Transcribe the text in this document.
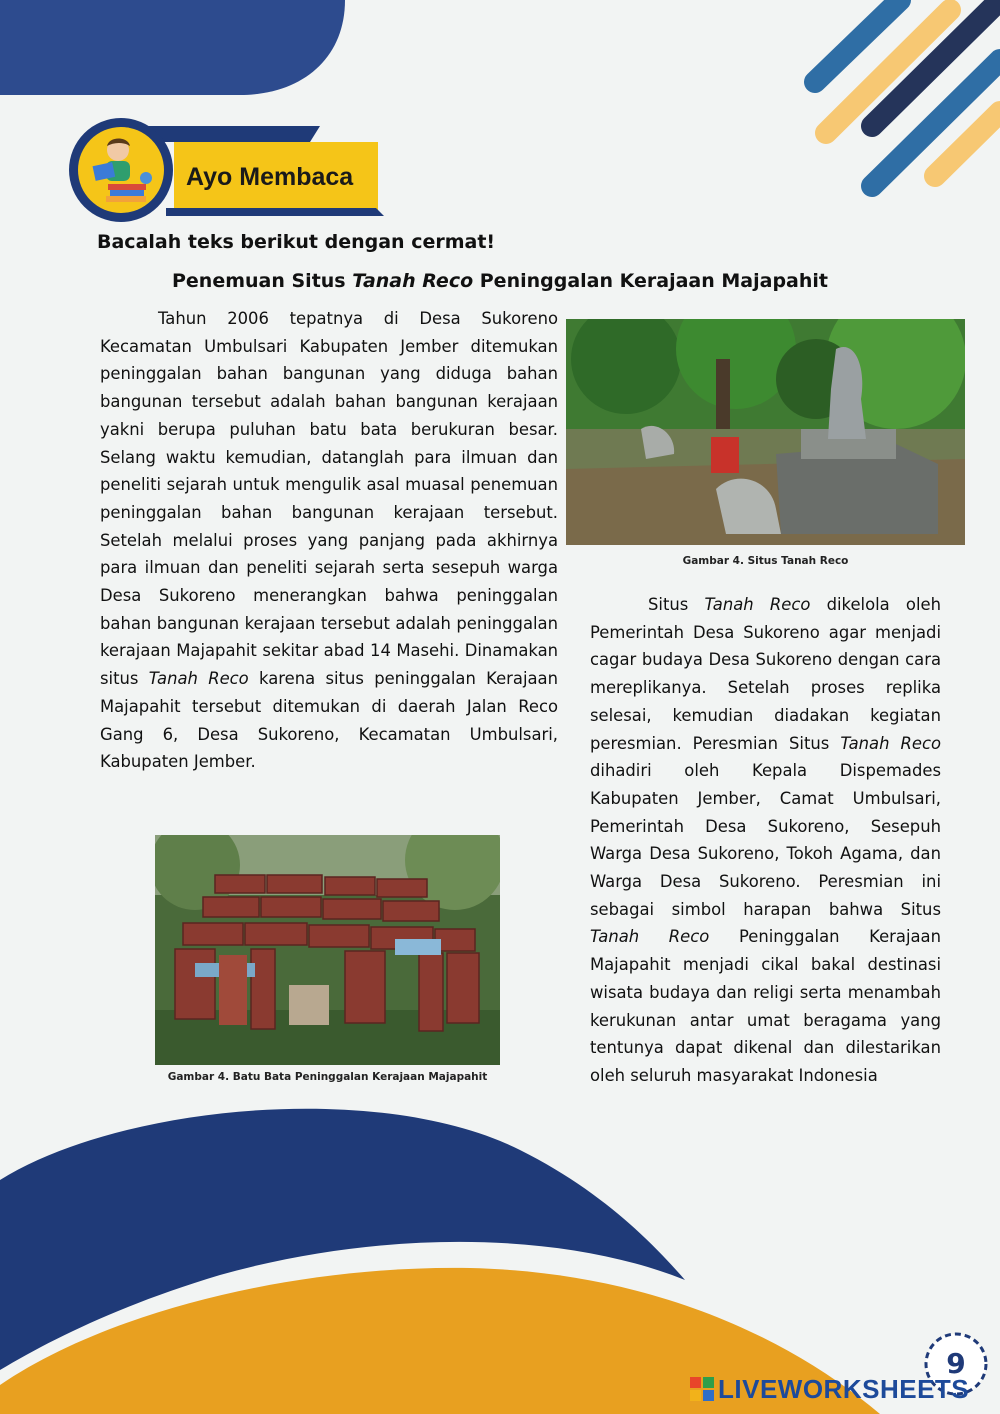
Ayo Membaca
Bacalah teks berikut dengan cermat!
Penemuan Situs Tanah Reco Peninggalan Kerajaan Majapahit
Tahun 2006 tepatnya di Desa Sukoreno Kecamatan Umbulsari Kabupaten Jember ditemukan peninggalan bahan bangunan yang diduga bahan bangunan tersebut adalah bahan bangunan kerajaan yakni berupa puluhan batu bata berukuran besar. Selang waktu kemudian, datanglah para ilmuan dan peneliti sejarah untuk mengulik asal muasal penemuan peninggalan bahan bangunan kerajaan tersebut. Setelah melalui proses yang panjang pada akhirnya para ilmuan dan peneliti sejarah serta sesepuh warga Desa Sukoreno menerangkan bahwa peninggalan bahan bangunan kerajaan tersebut adalah peninggalan kerajaan Majapahit sekitar abad 14 Masehi. Dinamakan situs Tanah Reco karena situs peninggalan Kerajaan Majapahit tersebut ditemukan di daerah Jalan Reco Gang 6, Desa Sukoreno, Kecamatan Umbulsari, Kabupaten Jember.
Gambar 4. Situs Tanah Reco
Situs Tanah Reco dikelola oleh Pemerintah Desa Sukoreno agar menjadi cagar budaya Desa Sukoreno dengan cara mereplikanya. Setelah proses replika selesai, kemudian diadakan kegiatan peresmian. Peresmian Situs Tanah Reco dihadiri oleh Kepala Dispemades Kabupaten Jember, Camat Umbulsari, Pemerintah Desa Sukoreno, Sesepuh Warga Desa Sukoreno, Tokoh Agama, dan Warga Desa Sukoreno. Peresmian ini sebagai simbol harapan bahwa Situs Tanah Reco Peninggalan Kerajaan Majapahit menjadi cikal bakal destinasi wisata budaya dan religi serta menambah kerukunan antar umat beragama yang tentunya dapat dikenal dan dilestarikan oleh seluruh masyarakat Indonesia
Gambar 4. Batu Bata Peninggalan Kerajaan Majapahit
9
LIVEWORKSHEETS
